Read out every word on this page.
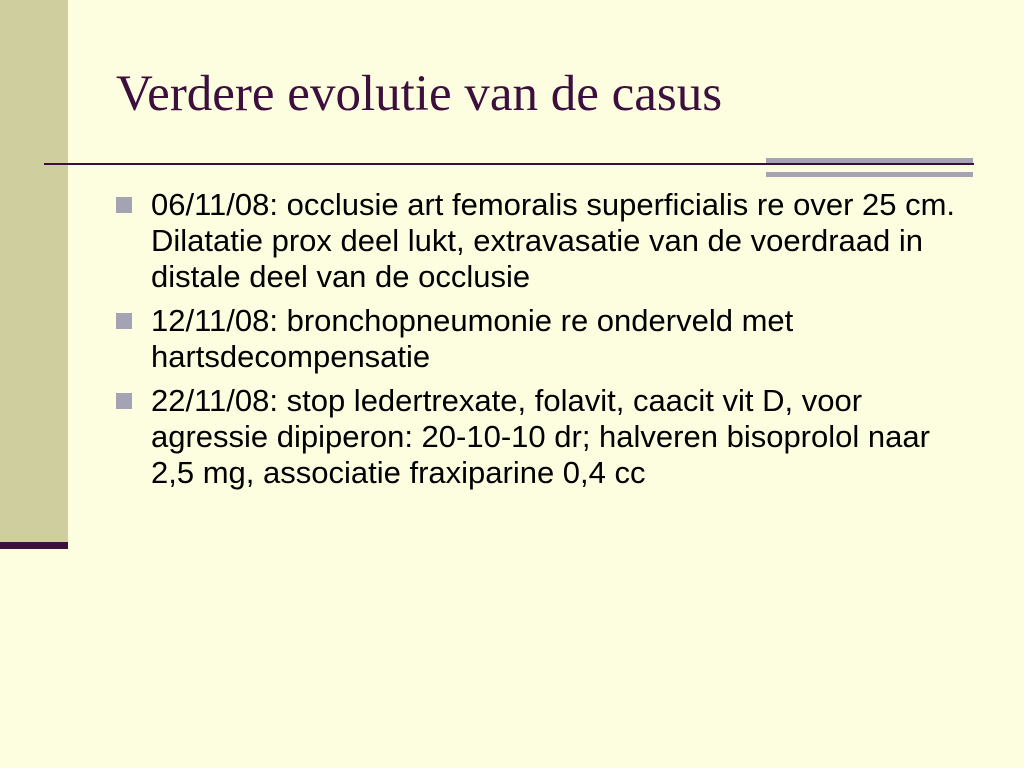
Verdere evolutie van de casus
06/11/08: occlusie art femoralis superficialis re over 25 cm. Dilatatie prox deel lukt, extravasatie van de voerdraad in distale deel van de occlusie
12/11/08: bronchopneumonie re onderveld met hartsdecompensatie
22/11/08: stop ledertrexate, folavit, caacit vit D, voor agressie dipiperon: 20-10-10 dr; halveren bisoprolol naar 2,5 mg, associatie fraxiparine 0,4 cc
